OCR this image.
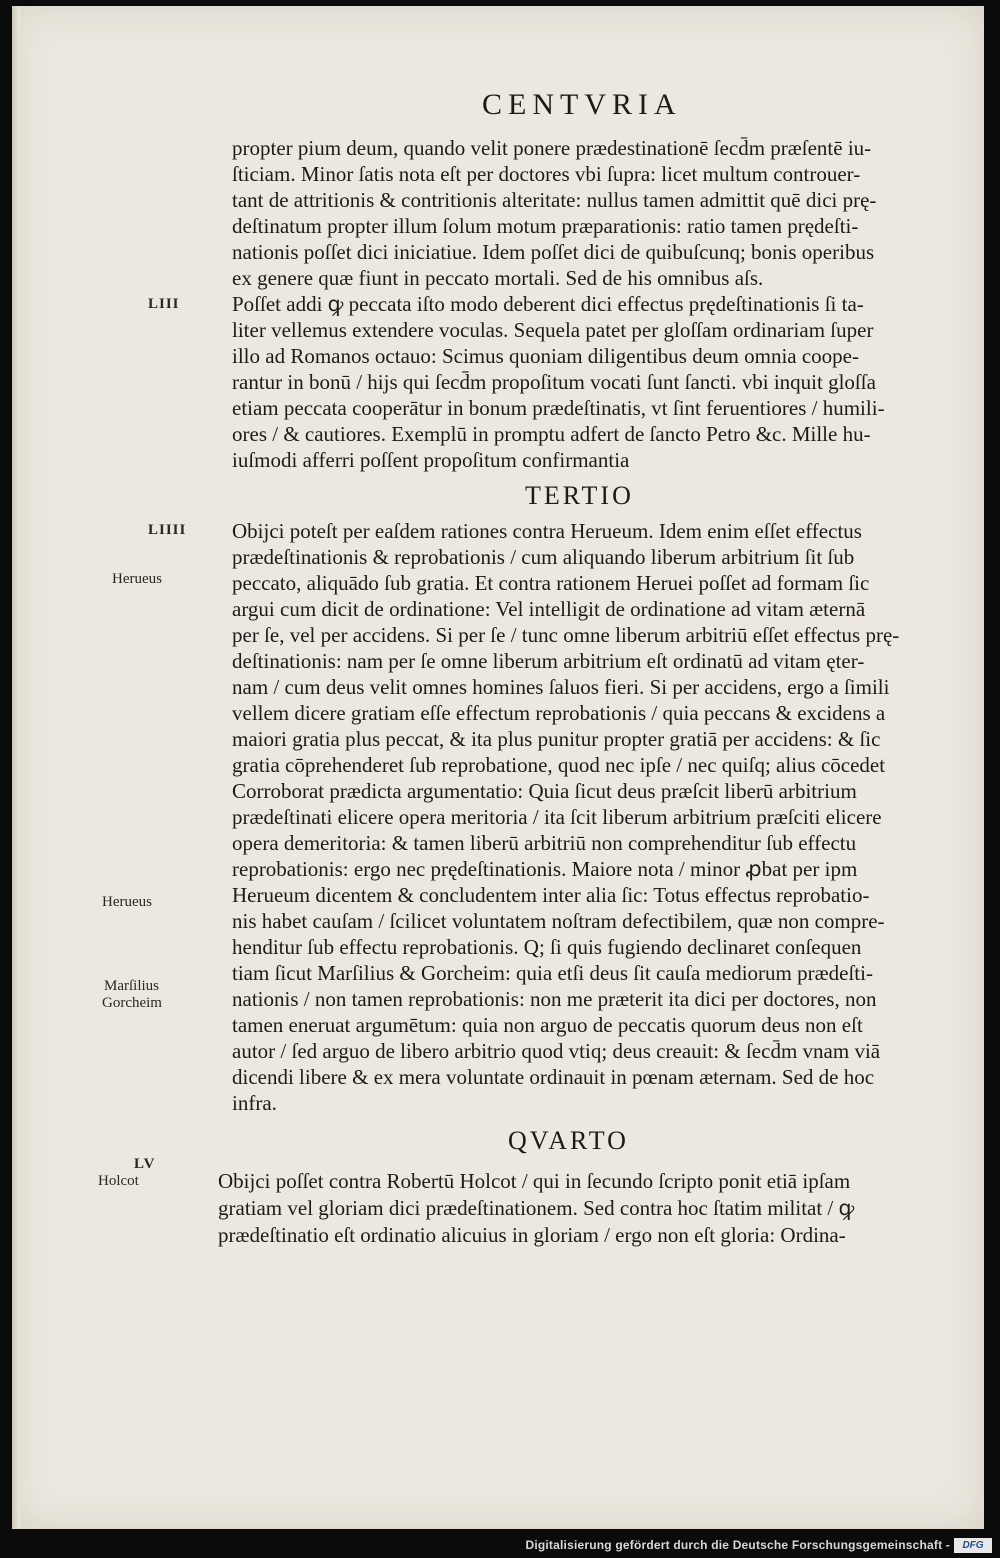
CENTVRIA
propter pium deum, quando velit ponere prædestinationē ſecd̄m præſentē iu-
ſticiam. Minor ſatis nota eſt per doctores vbi ſupra: licet multum controuer-
tant de attritionis & contritionis alteritate: nullus tamen admittit quē dici prę-
deſtinatum propter illum ſolum motum præparationis: ratio tamen prędeſti-
nationis poſſet dici iniciatiue. Idem poſſet dici de quibuſcunq; bonis operibus
ex genere quæ fiunt in peccato mortali. Sed de his omnibus aſs.
LIII Poſſet addi ꝙ peccata iſto modo deberent dici effectus prędeſtinationis ſi ta-
liter vellemus extendere voculas. Sequela patet per gloſſam ordinariam ſuper
illo ad Romanos octauo: Scimus quoniam diligentibus deum omnia coope-
rantur in bonū / hijs qui ſecd̄m propoſitum vocati ſunt ſancti. vbi inquit gloſſa
etiam peccata cooperātur in bonum prædeſtinatis, vt ſint feruentiores / humili-
ores / & cautiores. Exemplū in promptu adfert de ſancto Petro &c. Mille hu-
iuſmodi afferri poſſent propoſitum confirmantia
TERTIO
LIIII
Herueus
Herueus
Marſilius
Gorcheim
Obijci poteſt per eaſdem rationes contra Herueum. Idem enim eſſet effectus
prædeſtinationis & reprobationis / cum aliquando liberum arbitrium ſit ſub
peccato, aliquādo ſub gratia. Et contra rationem Heruei poſſet ad formam ſic
argui cum dicit de ordinatione: Vel intelligit de ordinatione ad vitam æternā
per ſe, vel per accidens. Si per ſe / tunc omne liberum arbitriū eſſet effectus prę-
deſtinationis: nam per ſe omne liberum arbitrium eſt ordinatū ad vitam ęter-
nam / cum deus velit omnes homines ſaluos fieri. Si per accidens, ergo a ſimili
vellem dicere gratiam eſſe effectum reprobationis / quia peccans & excidens a
maiori gratia plus peccat, & ita plus punitur propter gratiā per accidens: & ſic
gratia cōprehenderet ſub reprobatione, quod nec ipſe / nec quiſq; alius cōcedet
Corroborat prædicta argumentatio: Quia ſicut deus præſcit liberū arbitrium
prædeſtinati elicere opera meritoria / ita ſcit liberum arbitrium præſciti elicere
opera demeritoria: & tamen liberū arbitriū non comprehenditur ſub effectu
reprobationis: ergo nec prędeſtinationis. Maiore nota / minor ꝓbat per ipm
Herueum dicentem & concludentem inter alia ſic: Totus effectus reprobatio-
nis habet cauſam / ſcilicet voluntatem noſtram defectibilem, quæ non compre-
henditur ſub effectu reprobationis. Q; ſi quis fugiendo declinaret conſequen
tiam ſicut Marſilius & Gorcheim: quia etſi deus ſit cauſa mediorum prædeſti-
nationis / non tamen reprobationis: non me præterit ita dici per doctores, non
tamen eneruat argumētum: quia non arguo de peccatis quorum deus non eſt
autor / ſed arguo de libero arbitrio quod vtiq; deus creauit: & ſecd̄m vnam viā
dicendi libere & ex mera voluntate ordinauit in pœnam æternam. Sed de hoc
infra.
QVARTO
LV
Holcot	Obijci poſſet contra Robertū Holcot / qui in ſecundo ſcripto ponit etiā ipſam
gratiam vel gloriam dici prædeſtinationem. Sed contra hoc ſtatim militat / ꝙ
prædeſtinatio eſt ordinatio alicuius in gloriam / ergo non eſt gloria: Ordina-
Digitalisierung gefördert durch die Deutsche Forschungsgemeinschaft -	DFG
